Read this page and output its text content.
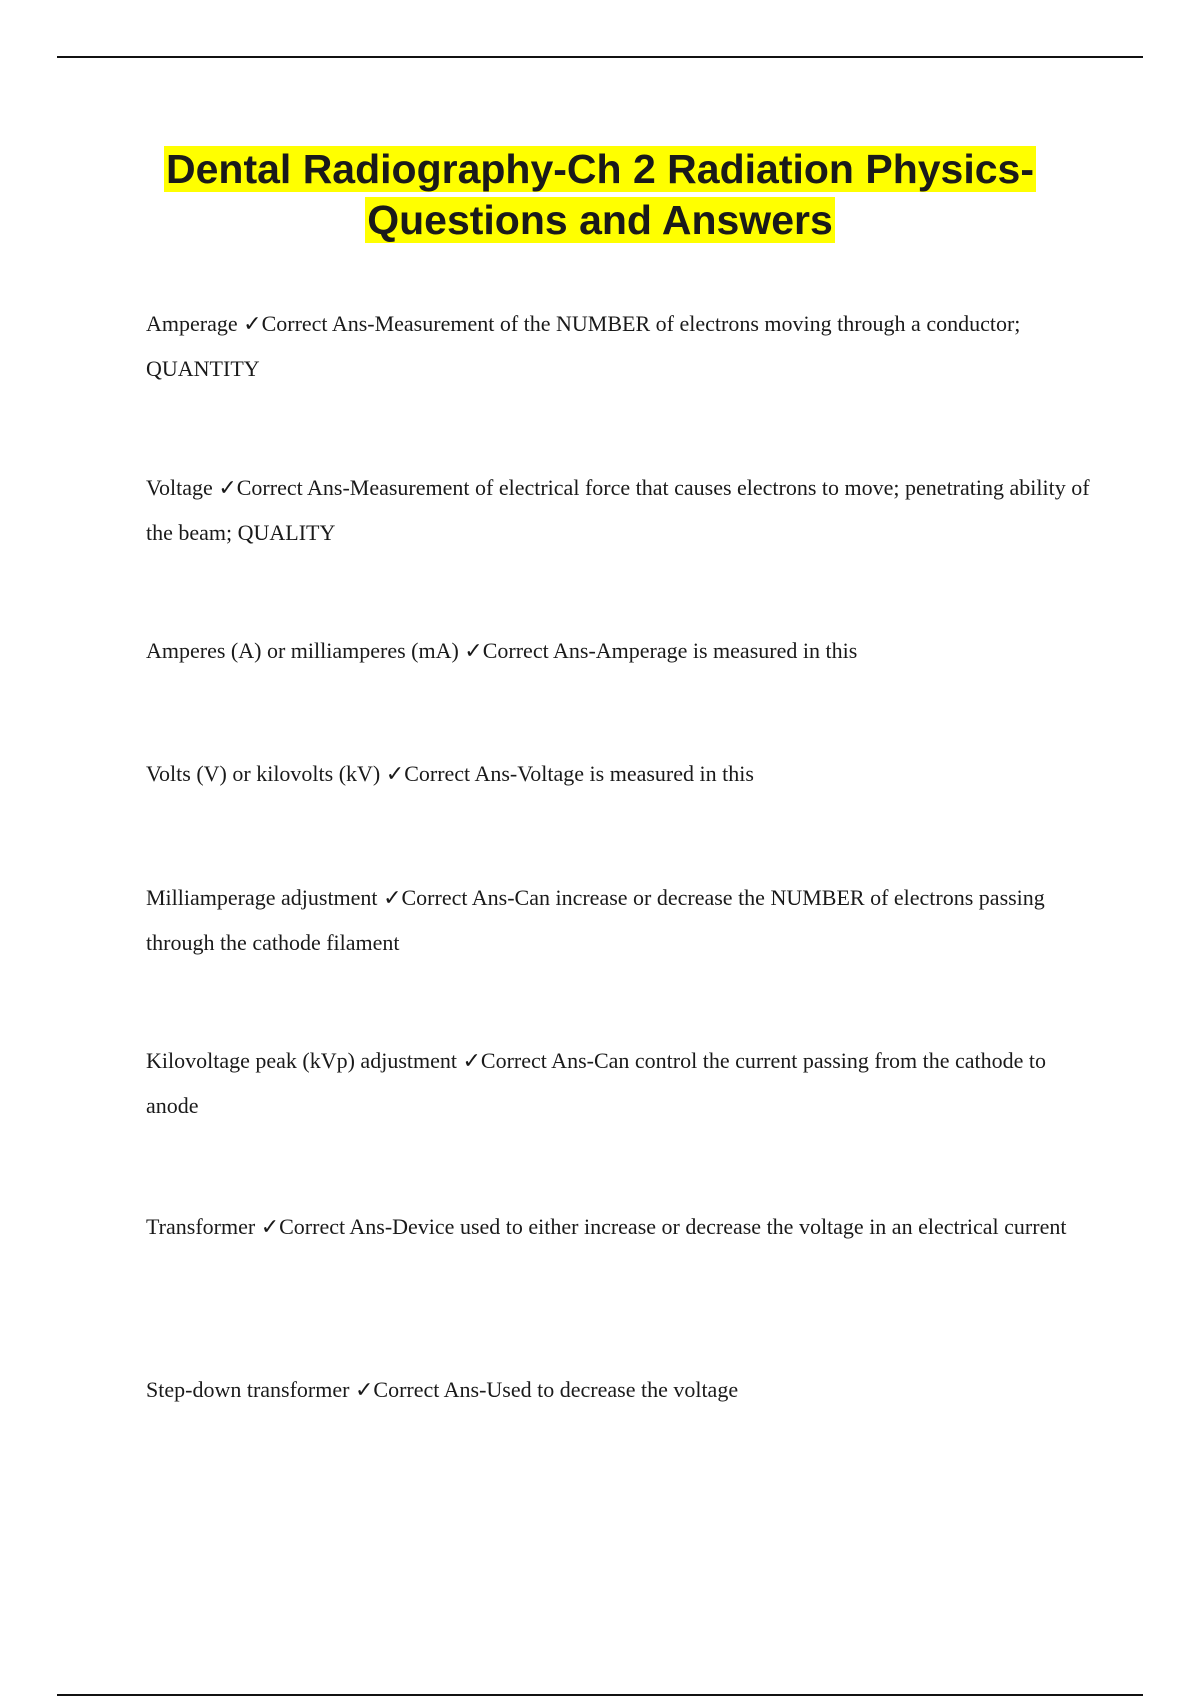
Dental Radiography-Ch 2 Radiation Physics-
Questions and Answers

Amperage ✓Correct Ans-Measurement of the NUMBER of electrons moving through a conductor; QUANTITY

Voltage ✓Correct Ans-Measurement of electrical force that causes electrons to move; penetrating ability of the beam; QUALITY

Amperes (A) or milliamperes (mA) ✓Correct Ans-Amperage is measured in this

Volts (V) or kilovolts (kV) ✓Correct Ans-Voltage is measured in this

Milliamperage adjustment ✓Correct Ans-Can increase or decrease the NUMBER of electrons passing through the cathode filament

Kilovoltage peak (kVp) adjustment ✓Correct Ans-Can control the current passing from the cathode to anode

Transformer ✓Correct Ans-Device used to either increase or decrease the voltage in an electrical current

Step-down transformer ✓Correct Ans-Used to decrease the voltage
